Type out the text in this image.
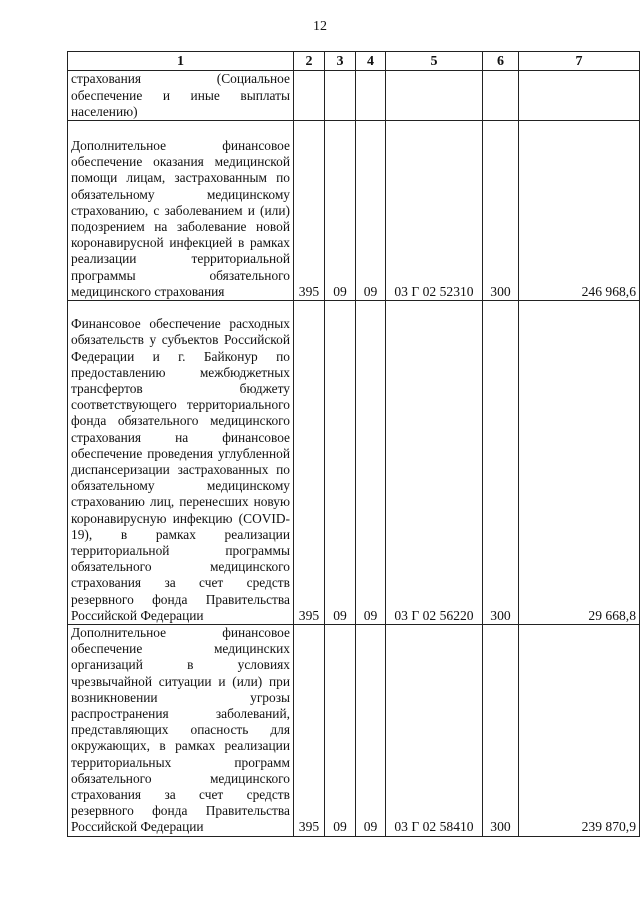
12
1	2	3	4	5	6	7
страхования (Социальное обеспечение и иные выплаты населению)						
Дополнительное финансовое обеспечение оказания медицинской помощи лицам, застрахованным по обязательному медицинскому страхованию, с заболеванием и (или) подозрением на заболевание новой коронавирусной инфекцией в рамках реализации территориальной программы обязательного медицинского страхования	395	09	09	03 Г 02 52310	300	246 968,6
Финансовое обеспечение расходных обязательств у субъектов Российской Федерации и г. Байконур по предоставлению межбюджетных трансфертов бюджету соответствующего территориального фонда обязательного медицинского страхования на финансовое обеспечение проведения углубленной диспансеризации застрахованных по обязательному медицинскому страхованию лиц, перенесших новую коронавирусную инфекцию (COVID-19), в рамках реализации территориальной программы обязательного медицинского страхования за счет средств резервного фонда Правительства Российской Федерации	395	09	09	03 Г 02 56220	300	29 668,8
Дополнительное финансовое обеспечение медицинских организаций в условиях чрезвычайной ситуации и (или) при возникновении угрозы распространения заболеваний, представляющих опасность для окружающих, в рамках реализации территориальных программ обязательного медицинского страхования за счет средств резервного фонда Правительства Российской Федерации	395	09	09	03 Г 02 58410	300	239 870,9
